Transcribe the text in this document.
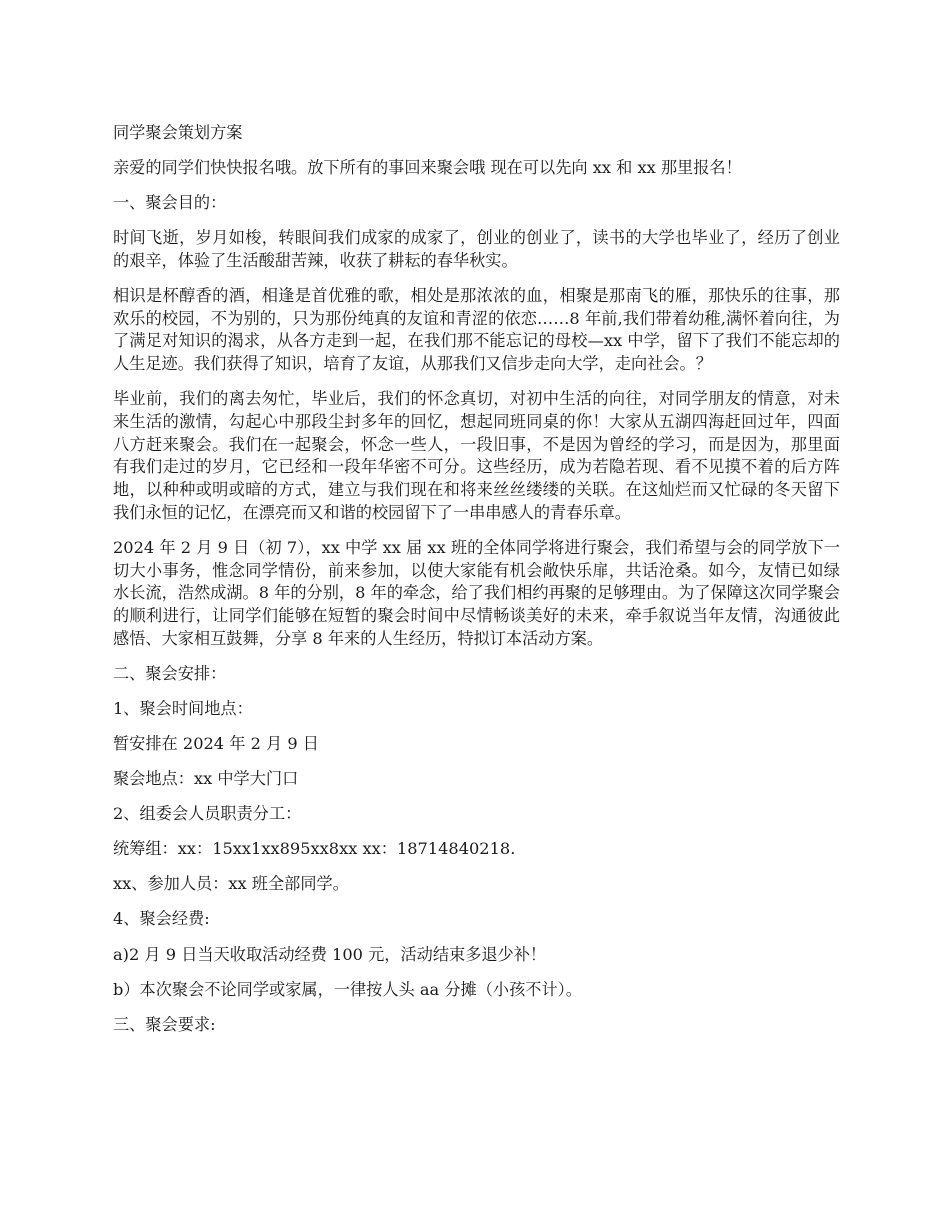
同学聚会策划方案

亲爱的同学们快快报名哦。放下所有的事回来聚会哦 现在可以先向 xx 和 xx 那里报名！

一、聚会目的：

时间飞逝，岁月如梭，转眼间我们成家的成家了，创业的创业了，读书的大学也毕业了，经历了创业的艰辛，体验了生活酸甜苦辣，收获了耕耘的春华秋实。

相识是杯醇香的酒，相逢是首优雅的歌，相处是那浓浓的血，相聚是那南飞的雁，那快乐的往事，那欢乐的校园，不为别的，只为那份纯真的友谊和青涩的依恋……8 年前,我们带着幼稚,满怀着向往，为了满足对知识的渴求，从各方走到一起，在我们那不能忘记的母校—xx 中学，留下了我们不能忘却的人生足迹。我们获得了知识，培育了友谊，从那我们又信步走向大学，走向社会。？

毕业前，我们的离去匆忙，毕业后，我们的怀念真切，对初中生活的向往，对同学朋友的情意，对未来生活的激情，勾起心中那段尘封多年的回忆，想起同班同桌的你！大家从五湖四海赶回过年，四面八方赶来聚会。我们在一起聚会，怀念一些人，一段旧事，不是因为曾经的学习，而是因为，那里面有我们走过的岁月，它已经和一段年华密不可分。这些经历，成为若隐若现、看不见摸不着的后方阵地，以种种或明或暗的方式，建立与我们现在和将来丝丝缕缕的关联。在这灿烂而又忙碌的冬天留下我们永恒的记忆，在漂亮而又和谐的校园留下了一串串感人的青春乐章。

2024 年 2 月 9 日（初 7），xx 中学 xx 届 xx 班的全体同学将进行聚会，我们希望与会的同学放下一切大小事务，惟念同学情份，前来参加，以使大家能有机会敞快乐扉，共话沧桑。如今，友情已如绿水长流，浩然成湖。8 年的分别，8 年的牵念，给了我们相约再聚的足够理由。为了保障这次同学聚会的顺利进行，让同学们能够在短暂的聚会时间中尽情畅谈美好的未来，牵手叙说当年友情，沟通彼此感悟、大家相互鼓舞，分享 8 年来的人生经历，特拟订本活动方案。

二、聚会安排：

1、聚会时间地点：

暂安排在 2024 年 2 月 9 日

聚会地点：xx 中学大门口

2、组委会人员职责分工：

统筹组：xx：15xx1xx895xx8xx xx：18714840218.

xx、参加人员：xx 班全部同学。

4、聚会经费:

a)2 月 9 日当天收取活动经费 100 元，活动结束多退少补！

b）本次聚会不论同学或家属，一律按人头 aa 分摊（小孩不计）。

三、聚会要求:
